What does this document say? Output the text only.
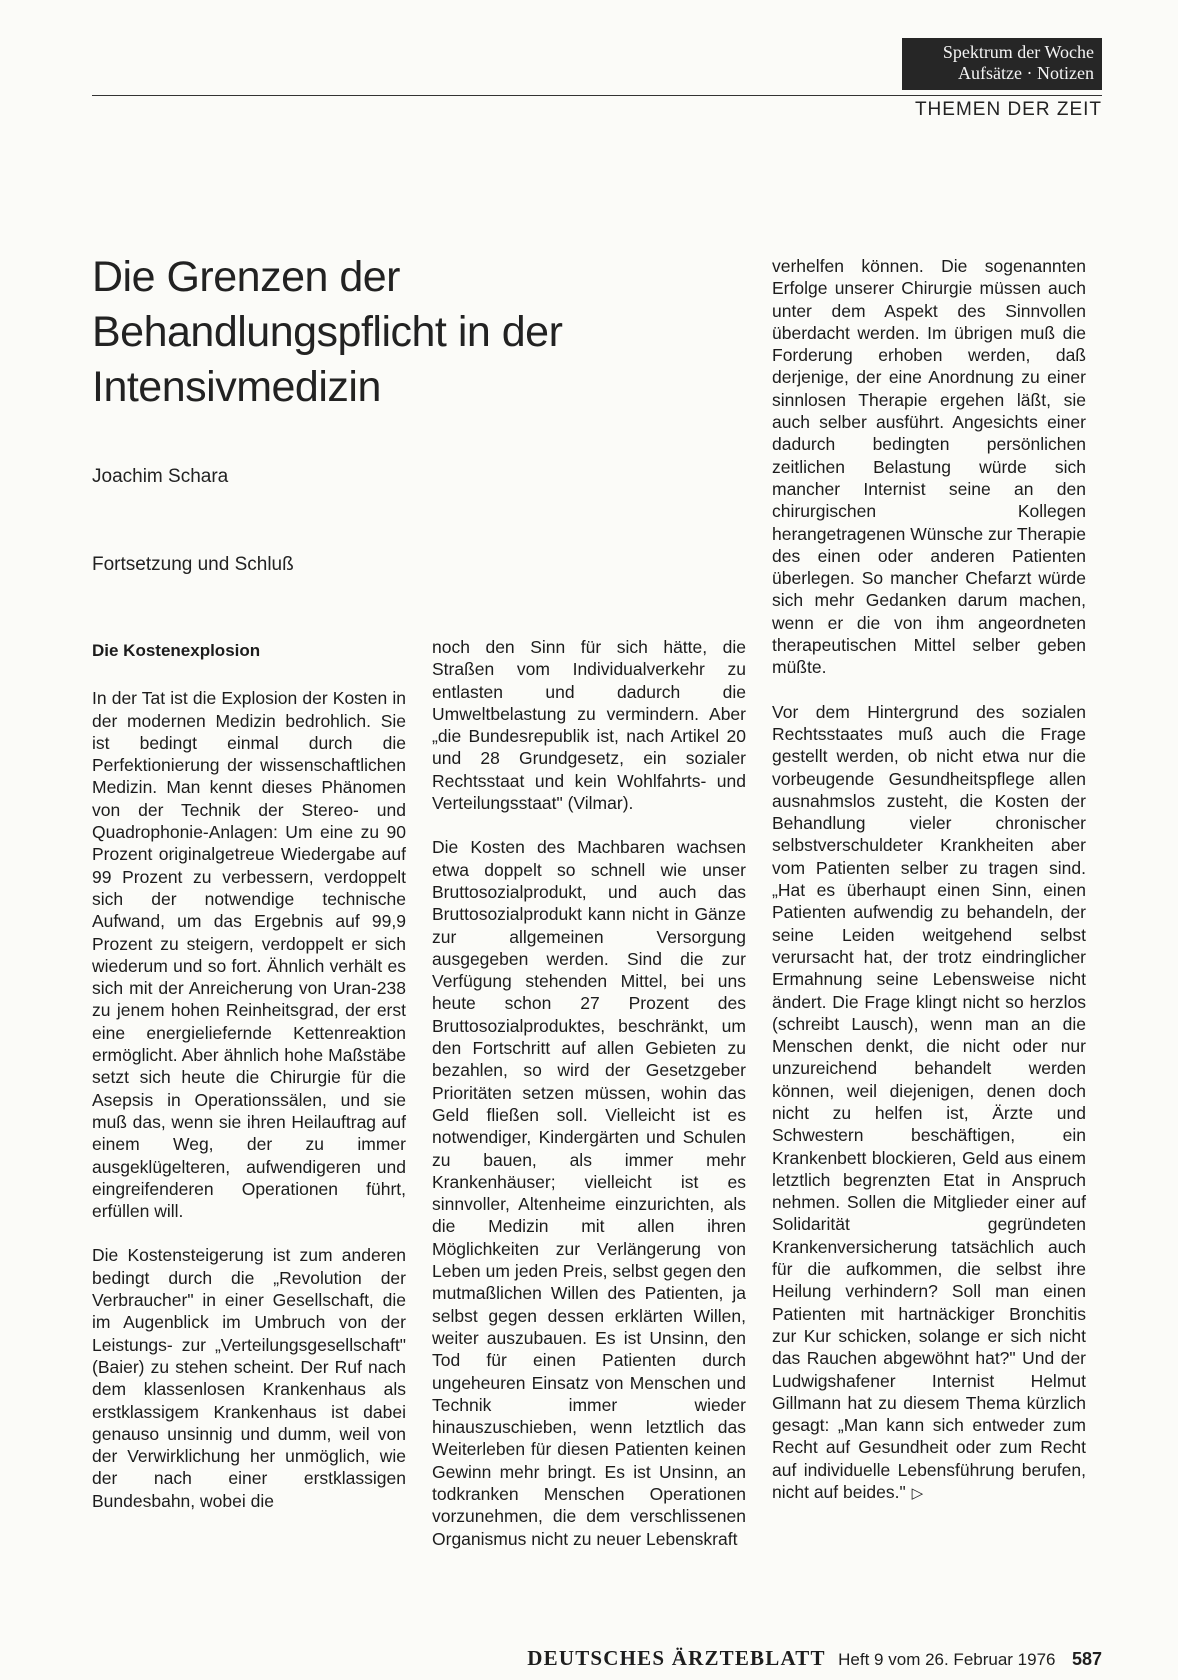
Spektrum der Woche
Aufsätze · Notizen
THEMEN DER ZEIT
Die Grenzen der Behandlungspflicht in der Intensivmedizin
Joachim Schara
Fortsetzung und Schluß
Die Kostenexplosion

In der Tat ist die Explosion der Kosten in der modernen Medizin bedrohlich. Sie ist bedingt einmal durch die Perfektionierung der wissenschaftlichen Medizin. Man kennt dieses Phänomen von der Technik der Stereo- und Quadrophonie-Anlagen: Um eine zu 90 Prozent originalgetreue Wiedergabe auf 99 Prozent zu verbessern, verdoppelt sich der notwendige technische Aufwand, um das Ergebnis auf 99,9 Prozent zu steigern, verdoppelt er sich wiederum und so fort. Ähnlich verhält es sich mit der Anreicherung von Uran-238 zu jenem hohen Reinheitsgrad, der erst eine energieliefernde Kettenreaktion ermöglicht. Aber ähnlich hohe Maßstäbe setzt sich heute die Chirurgie für die Asepsis in Operationssälen, und sie muß das, wenn sie ihren Heilauftrag auf einem Weg, der zu immer ausgeklügelteren, aufwendigeren und eingreifenderen Operationen führt, erfüllen will.

Die Kostensteigerung ist zum anderen bedingt durch die „Revolution der Verbraucher" in einer Gesellschaft, die im Augenblick im Umbruch von der Leistungs- zur „Verteilungsgesellschaft" (Baier) zu stehen scheint. Der Ruf nach dem klassenlosen Krankenhaus als erstklassigem Krankenhaus ist dabei genauso unsinnig und dumm, weil von der Verwirklichung her unmöglich, wie der nach einer erstklassigen Bundesbahn, wobei die

noch den Sinn für sich hätte, die Straßen vom Individualverkehr zu entlasten und dadurch die Umweltbelastung zu vermindern. Aber „die Bundesrepublik ist, nach Artikel 20 und 28 Grundgesetz, ein sozialer Rechtsstaat und kein Wohlfahrts- und Verteilungsstaat" (Vilmar).

Die Kosten des Machbaren wachsen etwa doppelt so schnell wie unser Bruttosozialprodukt, und auch das Bruttosozialprodukt kann nicht in Gänze zur allgemeinen Versorgung ausgegeben werden. Sind die zur Verfügung stehenden Mittel, bei uns heute schon 27 Prozent des Bruttosozialproduktes, beschränkt, um den Fortschritt auf allen Gebieten zu bezahlen, so wird der Gesetzgeber Prioritäten setzen müssen, wohin das Geld fließen soll. Vielleicht ist es notwendiger, Kindergärten und Schulen zu bauen, als immer mehr Krankenhäuser; vielleicht ist es sinnvoller, Altenheime einzurichten, als die Medizin mit allen ihren Möglichkeiten zur Verlängerung von Leben um jeden Preis, selbst gegen den mutmaßlichen Willen des Patienten, ja selbst gegen dessen erklärten Willen, weiter auszubauen. Es ist Unsinn, den Tod für einen Patienten durch ungeheuren Einsatz von Menschen und Technik immer wieder hinauszuschieben, wenn letztlich das Weiterleben für diesen Patienten keinen Gewinn mehr bringt. Es ist Unsinn, an todkranken Menschen Operationen vorzunehmen, die dem verschlissenen Organismus nicht zu neuer Lebenskraft

verhelfen können. Die sogenannten Erfolge unserer Chirurgie müssen auch unter dem Aspekt des Sinnvollen überdacht werden. Im übrigen muß die Forderung erhoben werden, daß derjenige, der eine Anordnung zu einer sinnlosen Therapie ergehen läßt, sie auch selber ausführt. Angesichts einer dadurch bedingten persönlichen zeitlichen Belastung würde sich mancher Internist seine an den chirurgischen Kollegen herangetragenen Wünsche zur Therapie des einen oder anderen Patienten überlegen. So mancher Chefarzt würde sich mehr Gedanken darum machen, wenn er die von ihm angeordneten therapeutischen Mittel selber geben müßte.

Vor dem Hintergrund des sozialen Rechtsstaates muß auch die Frage gestellt werden, ob nicht etwa nur die vorbeugende Gesundheitspflege allen ausnahmslos zusteht, die Kosten der Behandlung vieler chronischer selbstverschuldeter Krankheiten aber vom Patienten selber zu tragen sind. „Hat es überhaupt einen Sinn, einen Patienten aufwendig zu behandeln, der seine Leiden weitgehend selbst verursacht hat, der trotz eindringlicher Ermahnung seine Lebensweise nicht ändert. Die Frage klingt nicht so herzlos (schreibt Lausch), wenn man an die Menschen denkt, die nicht oder nur unzureichend behandelt werden können, weil diejenigen, denen doch nicht zu helfen ist, Ärzte und Schwestern beschäftigen, ein Krankenbett blockieren, Geld aus einem letztlich begrenzten Etat in Anspruch nehmen. Sollen die Mitglieder einer auf Solidarität gegründeten Krankenversicherung tatsächlich auch für die aufkommen, die selbst ihre Heilung verhindern? Soll man einen Patienten mit hartnäckiger Bronchitis zur Kur schicken, solange er sich nicht das Rauchen abgewöhnt hat?" Und der Ludwigshafener Internist Helmut Gillmann hat zu diesem Thema kürzlich gesagt: „Man kann sich entweder zum Recht auf Gesundheit oder zum Recht auf individuelle Lebensführung berufen, nicht auf beides." ▷

DEUTSCHES ÄRZTEBLATT Heft 9 vom 26. Februar 1976 587
